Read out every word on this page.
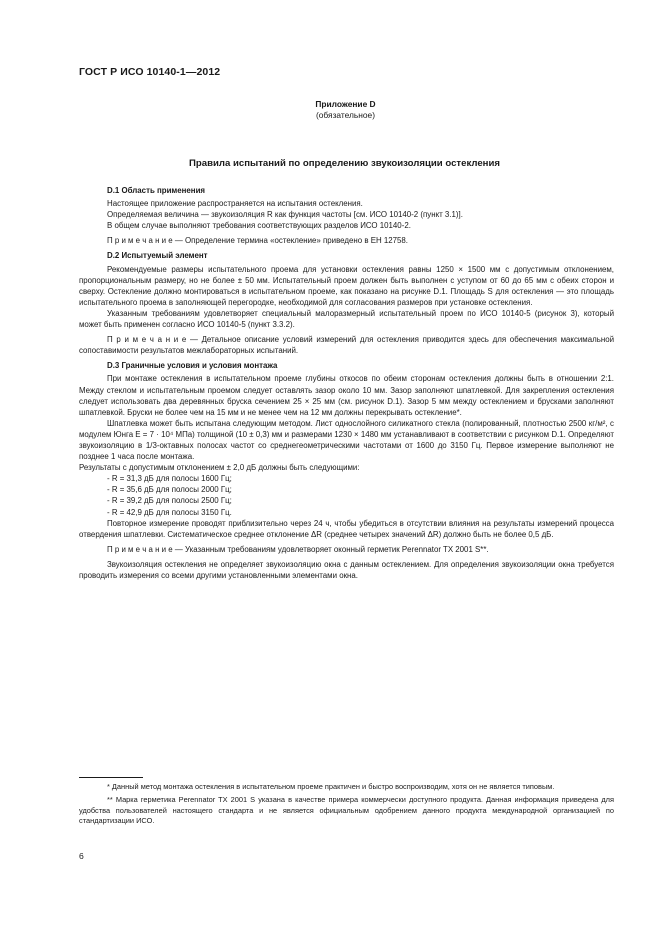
ГОСТ Р ИСО 10140-1—2012
Приложение D
(обязательное)
Правила испытаний по определению звукоизоляции остекления

D.1 Область применения

Настоящее приложение распространяется на испытания остекления.

Определяемая величина — звукоизоляция R как функция частоты [см. ИСО 10140-2 (пункт 3.1)].

В общем случае выполняют требования соответствующих разделов ИСО 10140-2.

П р и м е ч а н и е — Определение термина «остекление» приведено в ЕН 12758.

D.2 Испытуемый элемент

Рекомендуемые размеры испытательного проема для установки остекления равны 1250 × 1500 мм с допустимым отклонением, пропорциональным размеру, но не более ± 50 мм. Испытательный проем должен быть выполнен с уступом от 60 до 65 мм с обеих сторон и сверху. Остекление должно монтироваться в испытательном проеме, как показано на рисунке D.1. Площадь S для остекления — это площадь испытательного проема в заполняющей перегородке, необходимой для согласования размеров при установке остекления.

Указанным требованиям удовлетворяет специальный малоразмерный испытательный проем по ИСО 10140-5 (рисунок 3), который может быть применен согласно ИСО 10140-5 (пункт 3.3.2).

П р и м е ч а н и е — Детальное описание условий измерений для остекления приводится здесь для обеспечения максимальной сопоставимости результатов межлабораторных испытаний.

D.3 Граничные условия и условия монтажа

При монтаже остекления в испытательном проеме глубины откосов по обеим сторонам остекления должны быть в отношении 2:1. Между стеклом и испытательным проемом следует оставлять зазор около 10 мм. Зазор заполняют шпатлевкой. Для закрепления остекления следует использовать два деревянных бруска сечением 25 × 25 мм (см. рисунок D.1). Зазор 5 мм между остеклением и брусками заполняют шпатлевкой. Бруски не более чем на 15 мм и не менее чем на 12 мм должны перекрывать остекление*.

Шпатлевка может быть испытана следующим методом. Лист однослойного силикатного стекла (полированный, плотностью 2500 кг/м², с модулем Юнга E = 7 · 10⁴ МПа) толщиной (10 ± 0,3) мм и размерами 1230 × 1480 мм устанавливают в соответствии с рисунком D.1. Определяют звукоизоляцию в 1/3-октавных полосах частот со среднегеометрическими частотами от 1600 до 3150 Гц. Первое измерение выполняют не позднее 1 часа после монтажа.

Результаты с допустимым отклонением ± 2,0 дБ должны быть следующими:

- R = 31,3 дБ для полосы 1600 Гц;

- R = 35,6 дБ для полосы 2000 Гц;

- R = 39,2 дБ для полосы 2500 Гц;

- R = 42,9 дБ для полосы 3150 Гц.

Повторное измерение проводят приблизительно через 24 ч, чтобы убедиться в отсутствии влияния на результаты измерений процесса отвердения шпатлевки. Систематическое среднее отклонение ΔR (среднее четырех значений ΔR) должно быть не более 0,5 дБ.

П р и м е ч а н и е — Указанным требованиям удовлетворяет оконный герметик Perennator TX 2001 S**.

Звукоизоляция остекления не определяет звукоизоляцию окна с данным остеклением. Для определения звукоизоляции окна требуется проводить измерения со всеми другими установленными элементами окна.

* Данный метод монтажа остекления в испытательном проеме практичен и быстро воспроизводим, хотя он не является типовым.

** Марка герметика Perennator TX 2001 S указана в качестве примера коммерчески доступного продукта. Данная информация приведена для удобства пользователей настоящего стандарта и не является официальным одобрением данного продукта международной организацией по стандартизации ИСО.

6
